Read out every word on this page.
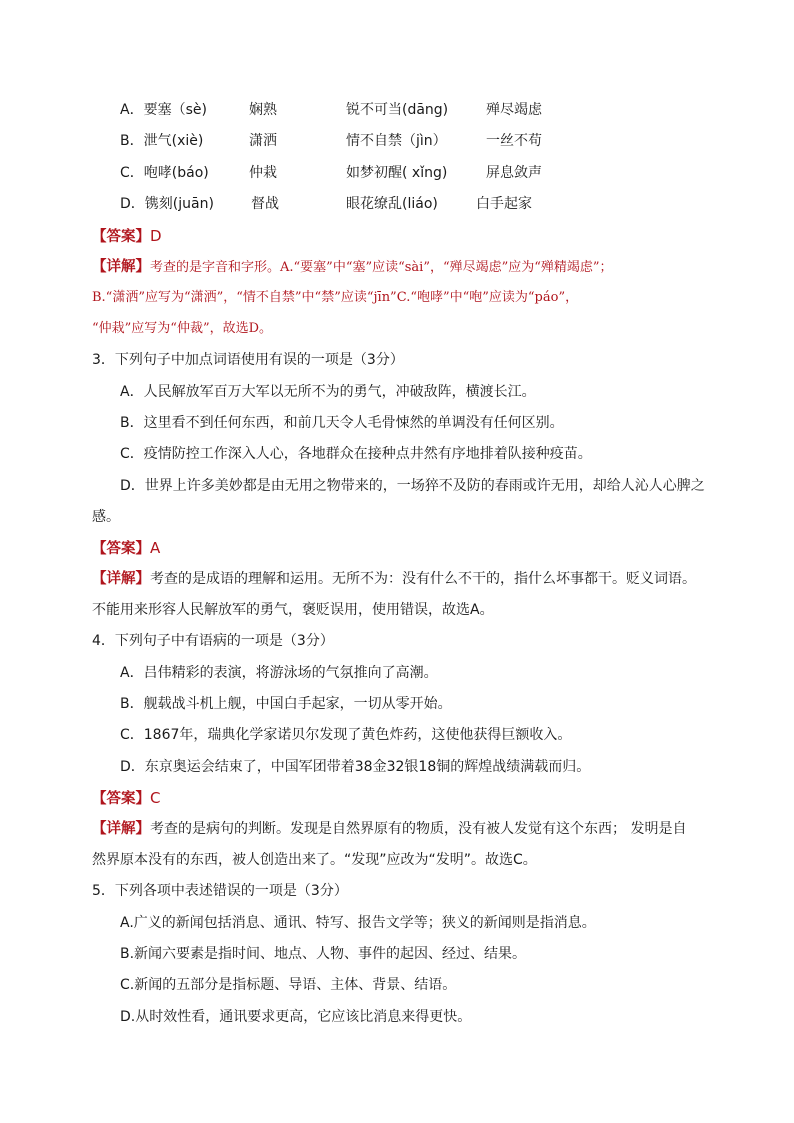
A．要塞（sè)	娴熟	锐不可当(dāng)	殚尽竭虑
B．泄气(xiè)	潇洒	情不自禁（jìn）	一丝不苟
C．咆哮(báo)	仲栽	如梦初醒( xǐng)	屏息敛声
D．镌刻(juān)	督战	眼花缭乱(liáo)	白手起家
【答案】D
【详解】考查的是字音和字形。A.“要塞”中“塞”应读“sài”，“殚尽竭虑”应为“殚精竭虑”；
B.“潇洒”应写为“潇洒”，“情不自禁”中“禁”应读“jīn”C.“咆哮”中“咆”应读为“páo”，
“仲栽”应写为“仲裁”，故选D。
3．下列句子中加点词语使用有误的一项是（3分）
A．人民解放军百万大军以无所不为的勇气，冲破敌阵，横渡长江。
B．这里看不到任何东西，和前几天令人毛骨悚然的单调没有任何区别。
C．疫情防控工作深入人心，各地群众在接种点井然有序地排着队接种疫苗。
D．世界上许多美妙都是由无用之物带来的，一场猝不及防的春雨或许无用，却给人沁人心脾之
感。
【答案】A
【详解】考查的是成语的理解和运用。无所不为：没有什么不干的，指什么坏事都干。贬义词语。
不能用来形容人民解放军的勇气，褒贬误用，使用错误，故选A。
4．下列句子中有语病的一项是（3分）
A．吕伟精彩的表演，将游泳场的气氛推向了高潮。
B．舰载战斗机上舰，中国白手起家，一切从零开始。
C．1867年，瑞典化学家诺贝尔发现了黄色炸药，这使他获得巨额收入。
D．东京奥运会结束了，中国军团带着38金32银18铜的辉煌战绩满载而归。
【答案】C
【详解】考查的是病句的判断。发现是自然界原有的物质，没有被人发觉有这个东西； 发明是自
然界原本没有的东西，被人创造出来了。“发现”应改为“发明”。故选C。
5．下列各项中表述错误的一项是（3分）
A.广义的新闻包括消息、通讯、特写、报告文学等；狭义的新闻则是指消息。
B.新闻六要素是指时间、地点、人物、事件的起因、经过、结果。
C.新闻的五部分是指标题、导语、主体、背景、结语。
D.从时效性看，通讯要求更高，它应该比消息来得更快。
